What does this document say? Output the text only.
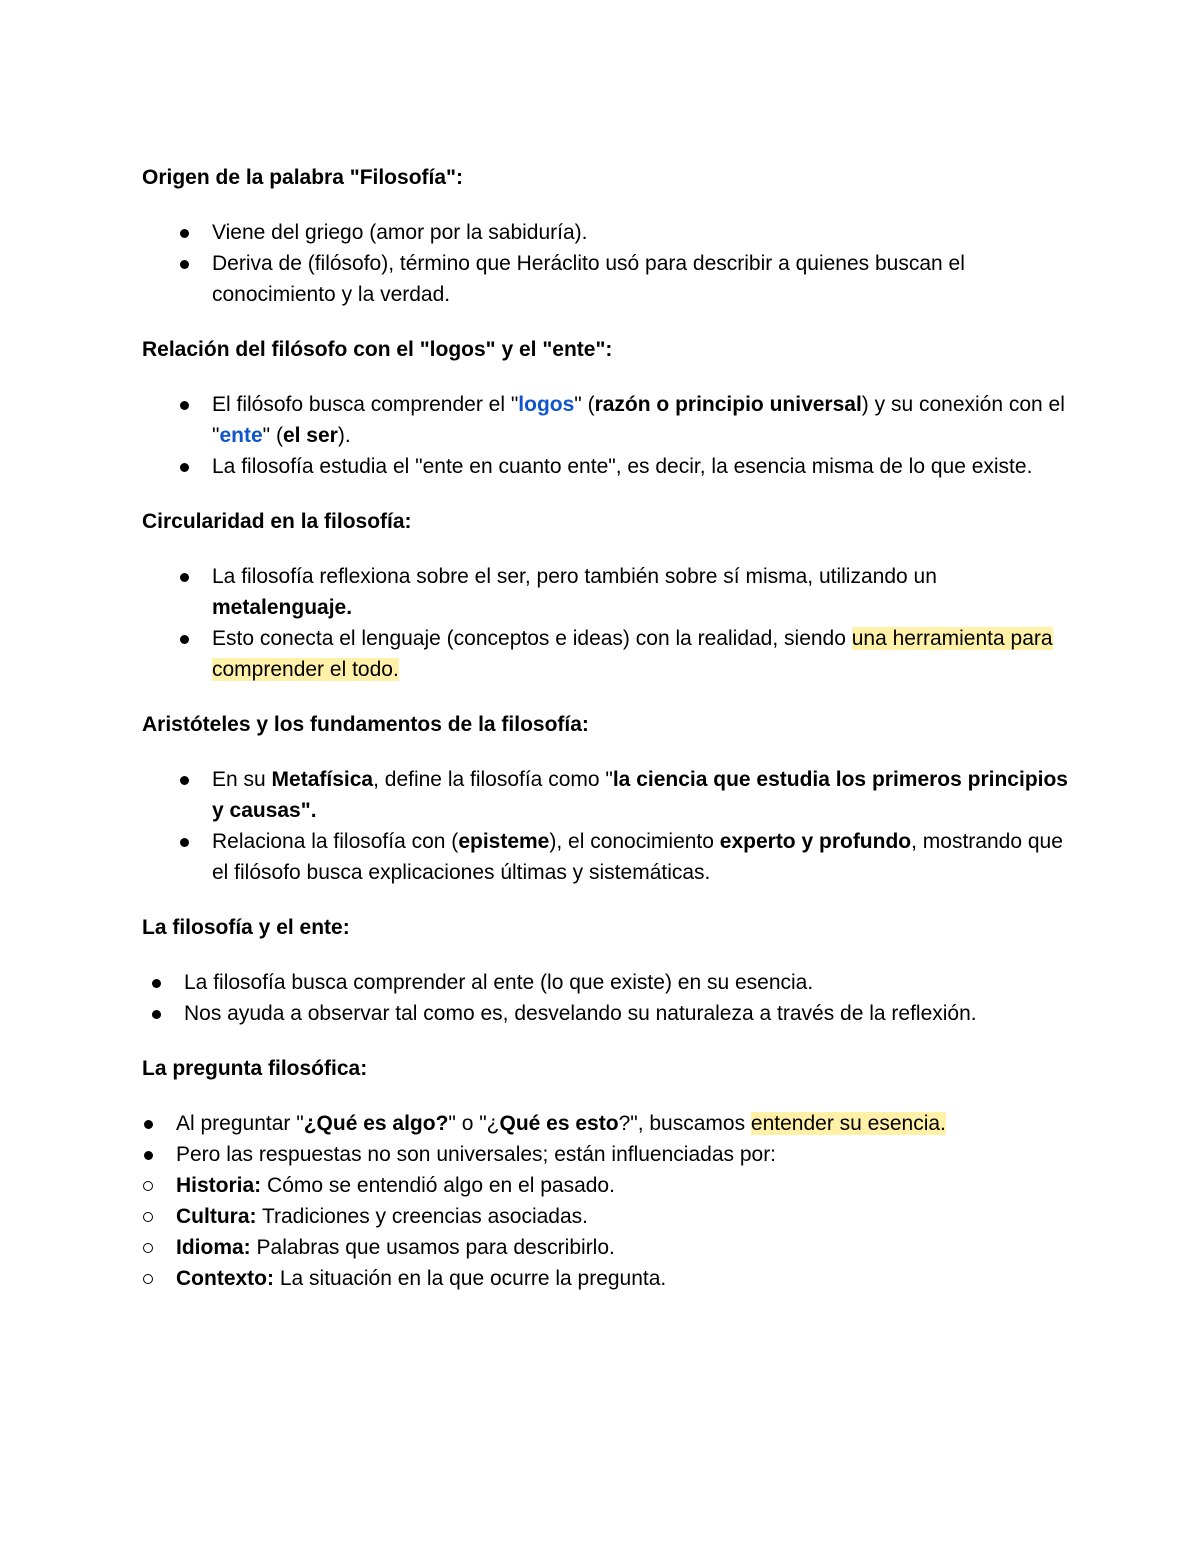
Origen de la palabra "Filosofía":
Viene del griego (amor por la sabiduría).
Deriva de (filósofo), término que Heráclito usó para describir a quienes buscan el conocimiento y la verdad.
Relación del filósofo con el "logos" y el "ente":
El filósofo busca comprender el "logos" (razón o principio universal) y su conexión con el "ente" (el ser).
La filosofía estudia el "ente en cuanto ente", es decir, la esencia misma de lo que existe.
Circularidad en la filosofía:
La filosofía reflexiona sobre el ser, pero también sobre sí misma, utilizando un metalenguaje.
Esto conecta el lenguaje (conceptos e ideas) con la realidad, siendo una herramienta para comprender el todo.
Aristóteles y los fundamentos de la filosofía:
En su Metafísica, define la filosofía como "la ciencia que estudia los primeros principios y causas".
Relaciona la filosofía con (episteme), el conocimiento experto y profundo, mostrando que el filósofo busca explicaciones últimas y sistemáticas.
La filosofía y el ente:
La filosofía busca comprender al ente (lo que existe) en su esencia.
Nos ayuda a observar tal como es, desvelando su naturaleza a través de la reflexión.
La pregunta filosófica:
Al preguntar "¿Qué es algo?" o "¿Qué es esto?", buscamos entender su esencia.
Pero las respuestas no son universales; están influenciadas por:
Historia: Cómo se entendió algo en el pasado.
Cultura: Tradiciones y creencias asociadas.
Idioma: Palabras que usamos para describirlo.
Contexto: La situación en la que ocurre la pregunta.
